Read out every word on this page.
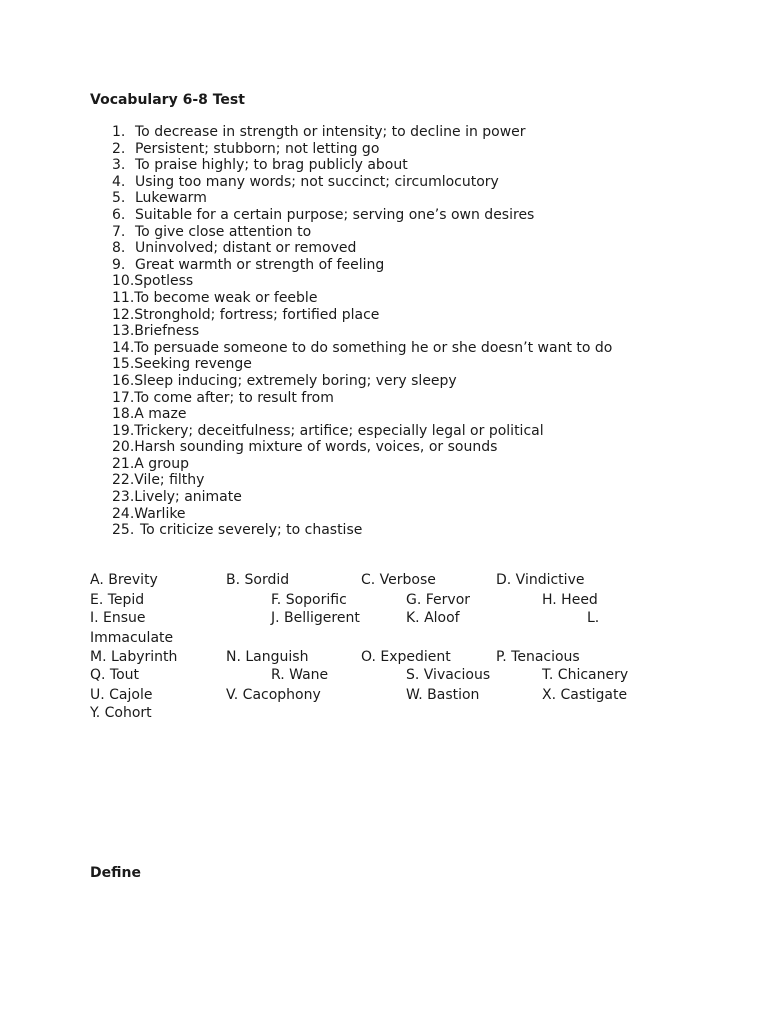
Vocabulary 6-8 Test
1. To decrease in strength or intensity; to decline in power
2. Persistent; stubborn; not letting go
3. To praise highly; to brag publicly about
4. Using too many words; not succinct; circumlocutory
5. Lukewarm
6. Suitable for a certain purpose; serving one’s own desires
7. To give close attention to
8. Uninvolved; distant or removed
9. Great warmth or strength of feeling
10.Spotless
11.To become weak or feeble
12.Stronghold; fortress; fortified place
13.Briefness
14.To persuade someone to do something he or she doesn’t want to do
15.Seeking revenge
16.Sleep inducing; extremely boring; very sleepy
17.To come after; to result from
18.A maze
19.Trickery; deceitfulness; artifice; especially legal or political
20.Harsh sounding mixture of words, voices, or sounds
21.A group
22.Vile; filthy
23.Lively; animate
24.Warlike
25. To criticize severely; to chastise
A. Brevity	B. Sordid	C. Verbose	D. Vindictive
E. Tepid	F. Soporific	G. Fervor	H. Heed
I. Ensue	J. Belligerent	K. Aloof	L.
Immaculate
M. Labyrinth	N. Languish	O. Expedient	P. Tenacious
Q. Tout	R. Wane	S. Vivacious	T. Chicanery
U. Cajole	V. Cacophony	W. Bastion	X. Castigate
Y. Cohort
Define
